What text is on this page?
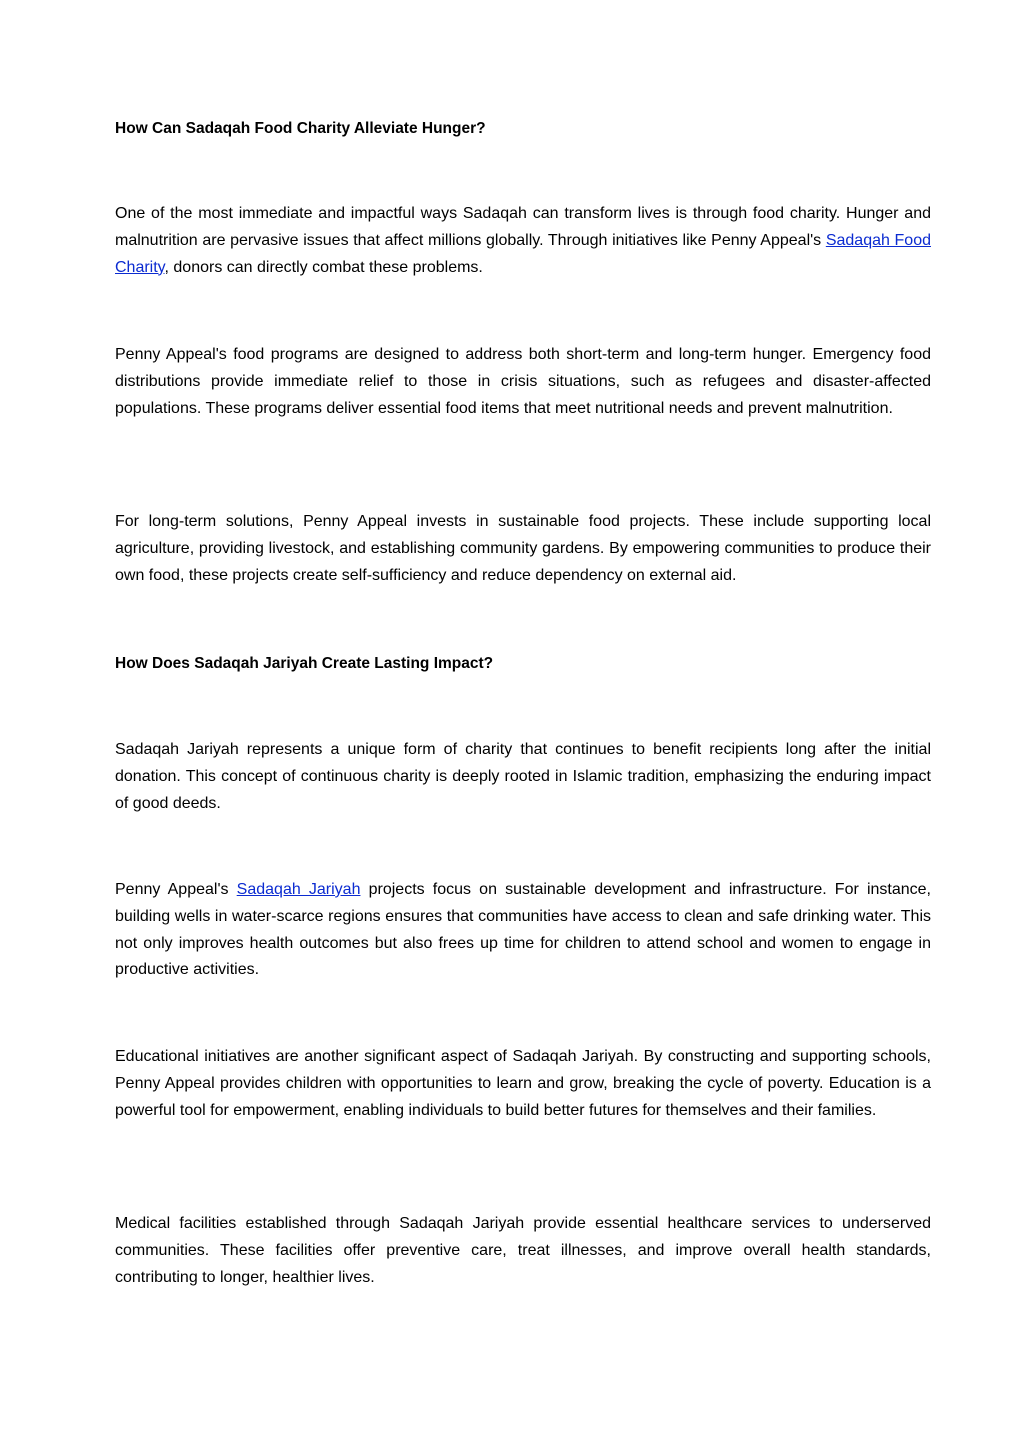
How Can Sadaqah Food Charity Alleviate Hunger?

One of the most immediate and impactful ways Sadaqah can transform lives is through food charity. Hunger and malnutrition are pervasive issues that affect millions globally. Through initiatives like Penny Appeal's Sadaqah Food Charity, donors can directly combat these problems.

Penny Appeal's food programs are designed to address both short-term and long-term hunger. Emergency food distributions provide immediate relief to those in crisis situations, such as refugees and disaster-affected populations. These programs deliver essential food items that meet nutritional needs and prevent malnutrition.

For long-term solutions, Penny Appeal invests in sustainable food projects. These include supporting local agriculture, providing livestock, and establishing community gardens. By empowering communities to produce their own food, these projects create self-sufficiency and reduce dependency on external aid.

How Does Sadaqah Jariyah Create Lasting Impact?

Sadaqah Jariyah represents a unique form of charity that continues to benefit recipients long after the initial donation. This concept of continuous charity is deeply rooted in Islamic tradition, emphasizing the enduring impact of good deeds.

Penny Appeal's Sadaqah Jariyah projects focus on sustainable development and infrastructure. For instance, building wells in water-scarce regions ensures that communities have access to clean and safe drinking water. This not only improves health outcomes but also frees up time for children to attend school and women to engage in productive activities.

Educational initiatives are another significant aspect of Sadaqah Jariyah. By constructing and supporting schools, Penny Appeal provides children with opportunities to learn and grow, breaking the cycle of poverty. Education is a powerful tool for empowerment, enabling individuals to build better futures for themselves and their families.

Medical facilities established through Sadaqah Jariyah provide essential healthcare services to underserved communities. These facilities offer preventive care, treat illnesses, and improve overall health standards, contributing to longer, healthier lives.
